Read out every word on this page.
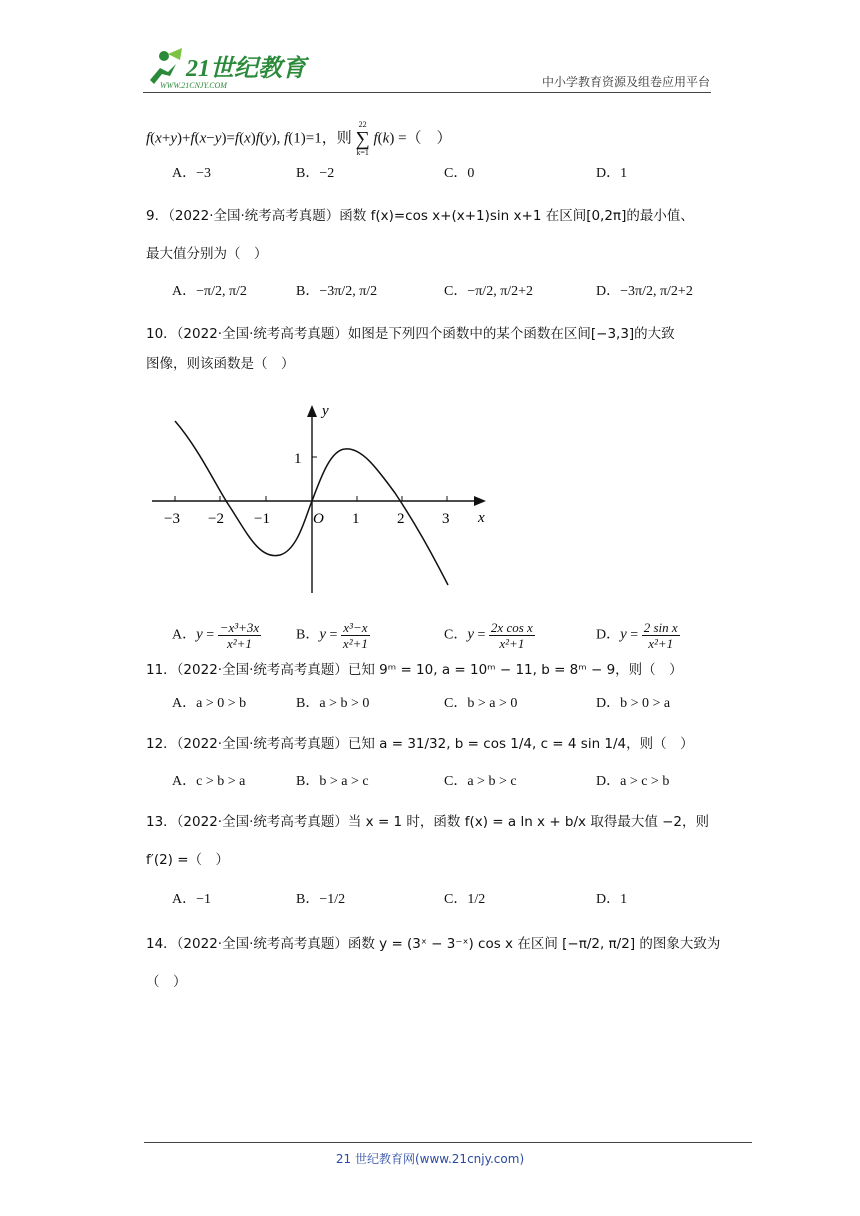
21世纪教育
WWW.21CNJY.COM	中小学教育资源及组卷应用平台
f(x+y)+f(x−y)=f(x)f(y), f(1)=1，则
22
∑
k=1
f(k) =（　）
A．−3	B．−2	C．0	D．1
9．（2022·全国·统考高考真题）函数 f(x)=cos x+(x+1)sin x+1 在区间[0,2π]的最小值、
最大值分别为（　）
A．−π/2, π/2	B．−3π/2, π/2	C．−π/2, π/2+2	D．−3π/2, π/2+2
10．（2022·全国·统考高考真题）如图是下列四个函数中的某个函数在区间[−3,3]的大致
图像，则该函数是（　）
y
x
O
−3 −2 −1	1	2	3
1
A．$y = \frac{\text{−x³+3x}}{\text{x²+1}}$ B．$y = \frac{\text{x³−x}}{\text{x²+1}}$	C．$y = \frac{\text{2x cos x}}{\text{x²+1}}$	D．$y = \frac{\text{2 sin x}}{\text{x²+1}}$
11．（2022·全国·统考高考真题）已知 9ᵐ = 10, a = 10ᵐ − 11, b = 8ᵐ − 9，则（　）
A．a > 0 > b	B．a > b > 0	C．b > a > 0	D．b > 0 > a
12．（2022·全国·统考高考真题）已知 a = 31/32, b = cos 1/4, c = 4 sin 1/4，则（　）
A．c > b > a	B．b > a > c	C．a > b > c	D．a > c > b
13．（2022·全国·统考高考真题）当 x = 1 时，函数 f(x) = a ln x + b/x 取得最大值 −2，则
f′(2) =（　）
A．−1	B．−1/2	C．1/2	D．1
14．（2022·全国·统考高考真题）函数 y = (3ˣ − 3⁻ˣ) cos x 在区间 [−π/2, π/2] 的图象大致为
（　）
21 世纪教育网(www.21cnjy.com)
